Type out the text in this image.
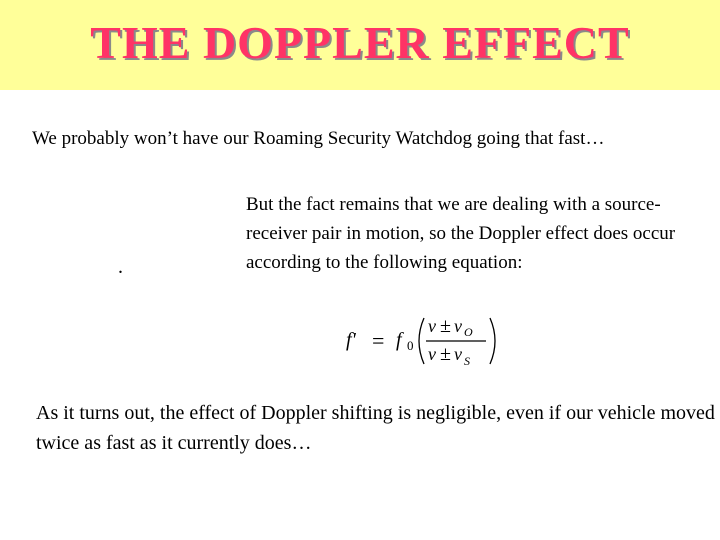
THE DOPPLER EFFECT
We probably won’t have our Roaming Security Watchdog going that fast…
.
But the fact remains that we are dealing with a source-receiver pair in motion, so the Doppler effect does occur according to the following equation:
f' = f 0
v ± v O
v ± v S
As it turns out, the effect of Doppler shifting is negligible, even if our vehicle moved twice as fast as it currently does…
